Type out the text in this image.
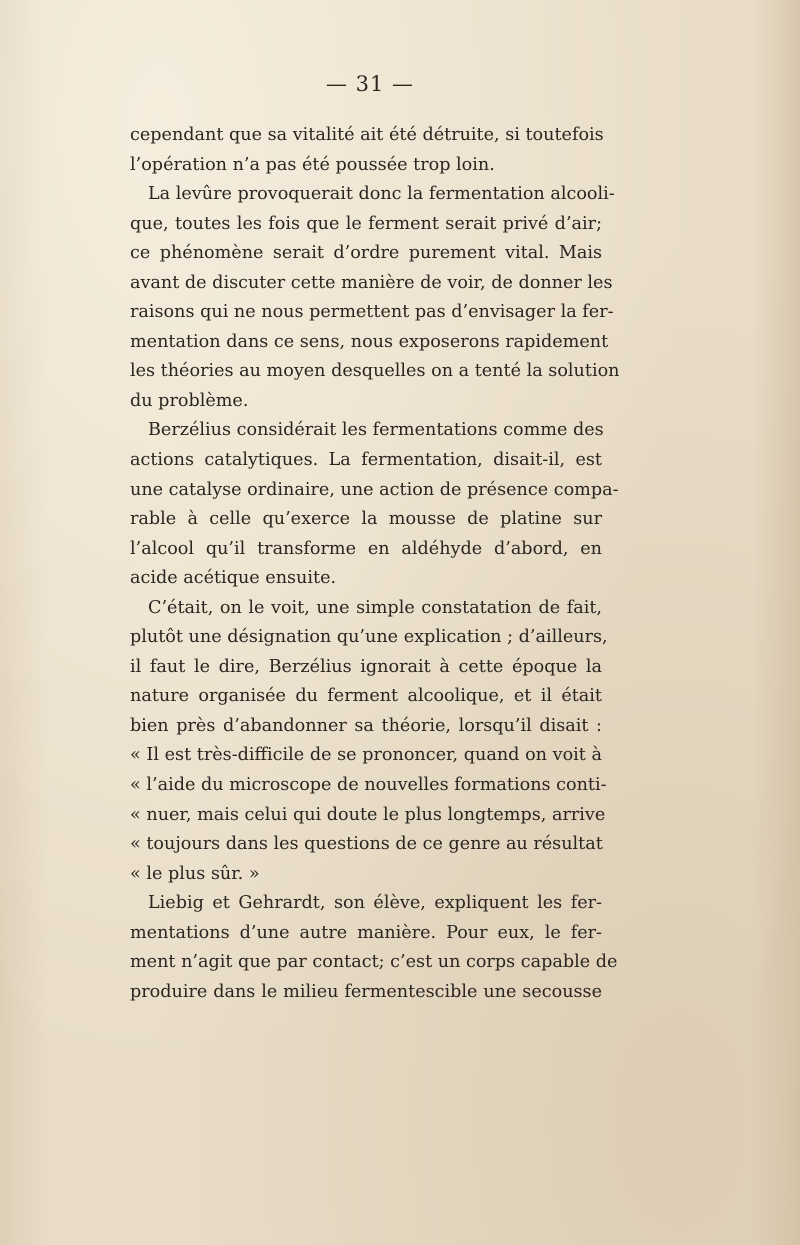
— 31 —
cependant que sa vitalité ait été détruite, si toutefois
l’opération n’a pas été poussée trop loin.
La levûre provoquerait donc la fermentation alcooli-
que, toutes les fois que le ferment serait privé d’air;
ce phénomène serait d’ordre purement vital. Mais
avant de discuter cette manière de voir, de donner les
raisons qui ne nous permettent pas d’envisager la fer-
mentation dans ce sens, nous exposerons rapidement
les théories au moyen desquelles on a tenté la solution
du problème.
Berzélius considérait les fermentations comme des
actions catalytiques. La fermentation, disait-il, est
une catalyse ordinaire, une action de présence compa-
rable à celle qu’exerce la mousse de platine sur
l’alcool qu’il transforme en aldéhyde d’abord, en
acide acétique ensuite.
C’était, on le voit, une simple constatation de fait,
plutôt une désignation qu’une explication ; d’ailleurs,
il faut le dire, Berzélius ignorait à cette époque la
nature organisée du ferment alcoolique, et il était
bien près d’abandonner sa théorie, lorsqu’il disait :
« Il est très-difficile de se prononcer, quand on voit à
« l’aide du microscope de nouvelles formations conti-
« nuer, mais celui qui doute le plus longtemps, arrive
« toujours dans les questions de ce genre au résultat
« le plus sûr. »
Liebig et Gehrardt, son élève, expliquent les fer-
mentations d’une autre manière. Pour eux, le fer-
ment n’agit que par contact; c’est un corps capable de
produire dans le milieu fermentescible une secousse
